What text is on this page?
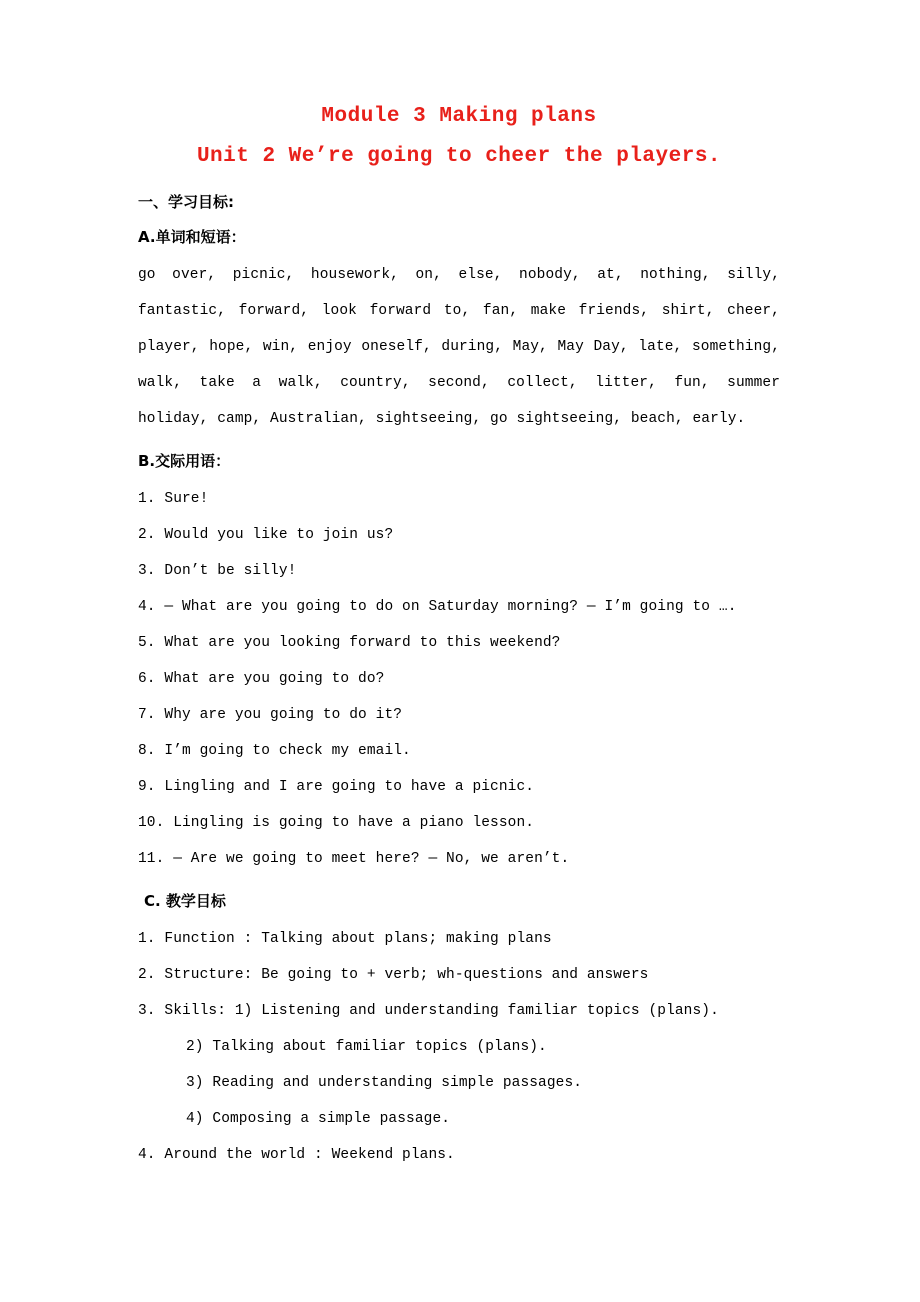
Module 3 Making plans
Unit 2 We’re going to cheer the players.
一、学习目标:
A.单词和短语：

go over, picnic, housework, on, else, nobody, at, nothing, silly, fantastic, forward, look forward to, fan, make friends, shirt, cheer, player, hope, win, enjoy oneself, during, May, May Day, late, something, walk, take a walk, country, second, collect, litter, fun, summer holiday, camp, Australian, sightseeing, go sightseeing, beach, early.

B.交际用语：

1. Sure!

2. Would you like to join us?

3. Don’t be silly!

4. — What are you going to do on Saturday morning? — I’m going to ….

5. What are you looking forward to this weekend?

6. What are you going to do?

7. Why are you going to do it?

8. I’m going to check my email.

9. Lingling and I are going to have a picnic.

10. Lingling is going to have a piano lesson.

11. — Are we going to meet here? — No, we aren’t.

C. 教学目标

1. Function : Talking about plans; making plans

2. Structure: Be going to + verb; wh-questions and answers

3. Skills: 1) Listening and understanding familiar topics (plans).

2) Talking about familiar topics (plans).

3) Reading and understanding simple passages.

4) Composing a simple passage.

4. Around the world : Weekend plans.
